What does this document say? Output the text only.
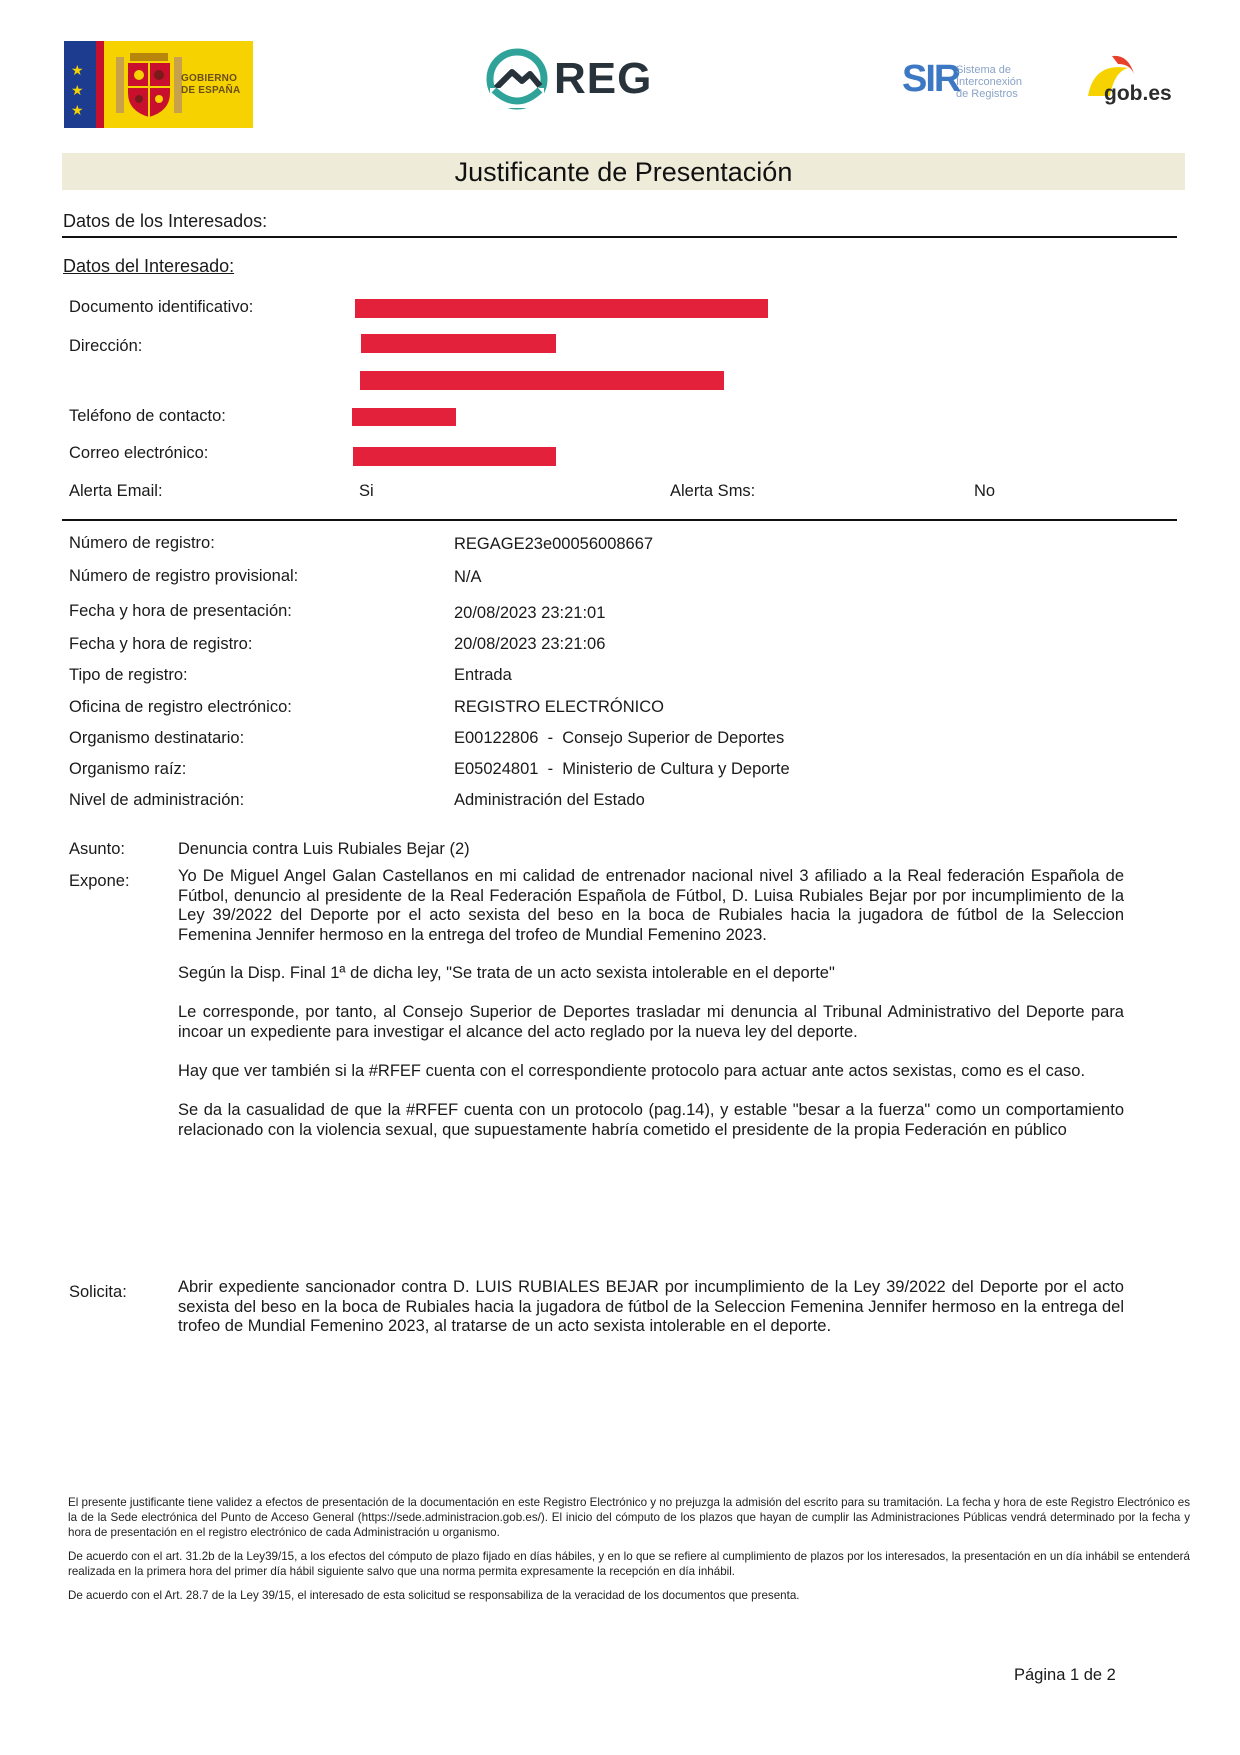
★
★
★
GOBIERNO DE ESPAÑA	REG	SIR
Sistema de Interconexión de Registros	gob.es
Justificante de Presentación
Datos de los Interesados:
Datos del Interesado:
Documento identificativo:
Dirección:
Teléfono de contacto:
Correo electrónico:
Alerta Email:	Si	Alerta Sms:	No
Número de registro:	REGAGE23e00056008667
Número de registro provisional:	N/A
Fecha y hora de presentación:	20/08/2023 23:21:01
Fecha y hora de registro:	20/08/2023 23:21:06
Tipo de registro:	Entrada
Oficina de registro electrónico:	REGISTRO ELECTRÓNICO
Organismo destinatario:	E00122806  -  Consejo Superior de Deportes
Organismo raíz:	E05024801  -  Ministerio de Cultura y Deporte
Nivel de administración:	Administración del Estado
Asunto:	Denuncia contra Luis Rubiales Bejar (2)
Expone:	Yo De Miguel Angel Galan Castellanos en mi calidad de entrenador nacional nivel 3 afiliado a la Real federación Española de Fútbol, denuncio al presidente de la Real Federación Española de Fútbol, D. Luisa Rubiales Bejar por por incumplimiento de la Ley 39/2022 del Deporte por el acto sexista del beso en la boca de Rubiales hacia la jugadora de fútbol de la Seleccion Femenina Jennifer hermoso en la entrega del trofeo de Mundial Femenino 2023.

Según la Disp. Final 1ª de dicha ley, "Se trata de un acto sexista intolerable en el deporte"

Le corresponde, por tanto, al Consejo Superior de Deportes trasladar mi denuncia al Tribunal Administrativo del Deporte para incoar un expediente para investigar el alcance del acto reglado por la nueva ley del deporte.

Hay que ver también si la #RFEF cuenta con el correspondiente protocolo para actuar ante actos sexistas, como es el caso.

Se da la casualidad de que la #RFEF cuenta con un protocolo (pag.14), y estable "besar a la fuerza" como un comportamiento relacionado con la violencia sexual, que supuestamente habría cometido el presidente de la propia Federación en público

Solicita:	Abrir expediente sancionador contra D. LUIS RUBIALES BEJAR por incumplimiento de la Ley 39/2022 del Deporte por el acto sexista del beso en la boca de Rubiales hacia la jugadora de fútbol de la Seleccion Femenina Jennifer hermoso en la entrega del trofeo de Mundial Femenino 2023, al tratarse de un acto sexista intolerable en el deporte.

El presente justificante tiene validez a efectos de presentación de la documentación en este Registro Electrónico y no prejuzga la admisión del escrito para su tramitación. La fecha y hora de este Registro Electrónico es la de la Sede electrónica del Punto de Acceso General (https://sede.administracion.gob.es/). El inicio del cómputo de los plazos que hayan de cumplir las Administraciones Públicas vendrá determinado por la fecha y hora de presentación en el registro electrónico de cada Administración u organismo.

De acuerdo con el art. 31.2b de la Ley39/15, a los efectos del cómputo de plazo fijado en días hábiles, y en lo que se refiere al cumplimiento de plazos por los interesados, la presentación en un día inhábil se entenderá realizada en la primera hora del primer día hábil siguiente salvo que una norma permita expresamente la recepción en día inhábil.

De acuerdo con el Art. 28.7 de la Ley 39/15, el interesado de esta solicitud se responsabiliza de la veracidad de los documentos que presenta.

Página 1 de 2
